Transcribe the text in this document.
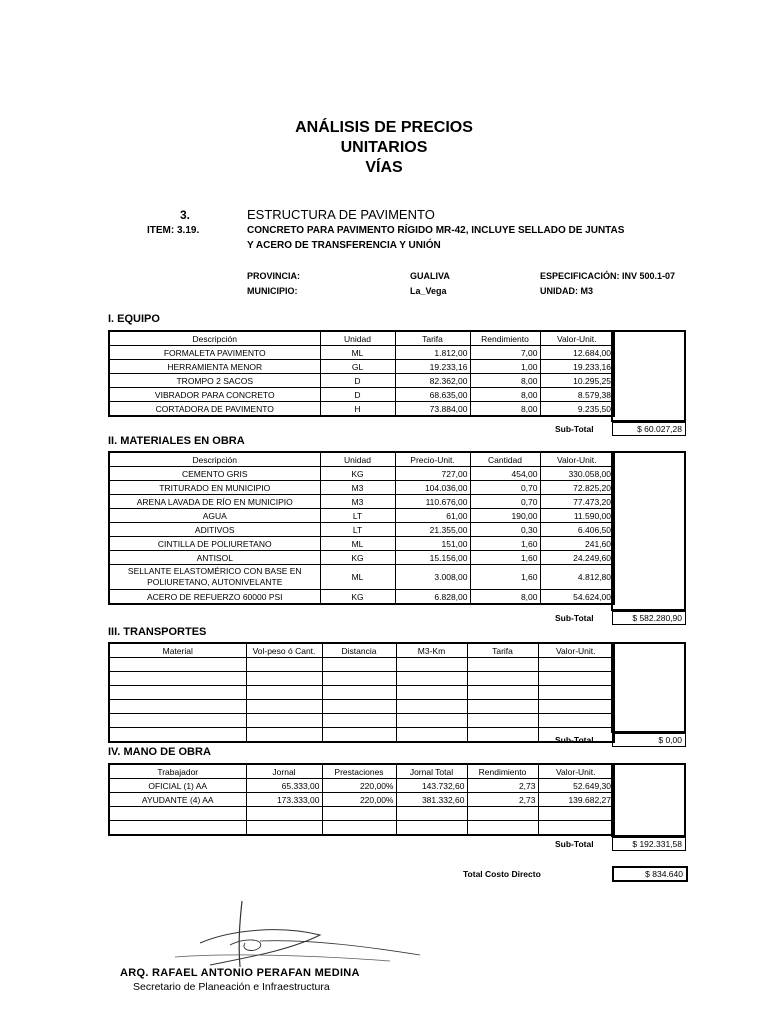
ANÁLISIS DE PRECIOS
UNITARIOS
VÍAS
3.	ESTRUCTURA DE PAVIMENTO
ITEM: 3.19.	CONCRETO PARA PAVIMENTO RÍGIDO MR-42, INCLUYE SELLADO DE JUNTAS
Y ACERO DE TRANSFERENCIA Y UNIÓN
PROVINCIA:	GUALIVA	ESPECIFICACIÓN: INV 500.1-07
MUNICIPIO:	La_Vega	UNIDAD: M3
I. EQUIPO
Descripción	Unidad	Tarifa	Rendimiento	Valor-Unit.
FORMALETA PAVIMENTO	ML	1.812,00	7,00	12.684,00
HERRAMIENTA MENOR	GL	19.233,16	1,00	19.233,16
TROMPO 2 SACOS	D	82.362,00	8,00	10.295,25
VIBRADOR PARA CONCRETO	D	68.635,00	8,00	8.579,38
CORTADORA DE PAVIMENTO	H	73.884,00	8,00	9.235,50
Sub-Total	$ 60.027,28
II. MATERIALES EN OBRA
Descripción	Unidad	Precio-Unit.	Cantidad	Valor-Unit.
CEMENTO GRIS	KG	727,00	454,00	330.058,00
TRITURADO EN MUNICIPIO	M3	104.036,00	0,70	72.825,20
ARENA LAVADA DE RÍO EN MUNICIPIO	M3	110.676,00	0,70	77.473,20
AGUA	LT	61,00	190,00	11.590,00
ADITIVOS	LT	21.355,00	0,30	6.406,50
CINTILLA DE POLIURETANO	ML	151,00	1,60	241,60
ANTISOL	KG	15.156,00	1,60	24.249,60
SELLANTE ELASTOMÉRICO CON BASE EN POLIURETANO, AUTONIVELANTE	ML	3.008,00	1,60	4.812,80
ACERO DE REFUERZO 60000 PSI	KG	6.828,00	8,00	54.624,00
Sub-Total	$ 582.280,90
III. TRANSPORTES
Material	Vol-peso ó Cant.	Distancia	M3-Km	Tarifa	Valor-Unit.

Sub-Total	$ 0,00
IV. MANO DE OBRA
Trabajador	Jornal	Prestaciones	Jornal Total	Rendimiento	Valor-Unit.
OFICIAL (1) AA	65.333,00	220,00%	143.732,60	2,73	52.649,30
AYUDANTE (4) AA	173.333,00	220,00%	381.332,60	2,73	139.682,27

Sub-Total	$ 192.331,58
Total Costo Directo	$ 834.640
ARQ. RAFAEL ANTONIO PERAFAN MEDINA
Secretario de Planeación e Infraestructura
